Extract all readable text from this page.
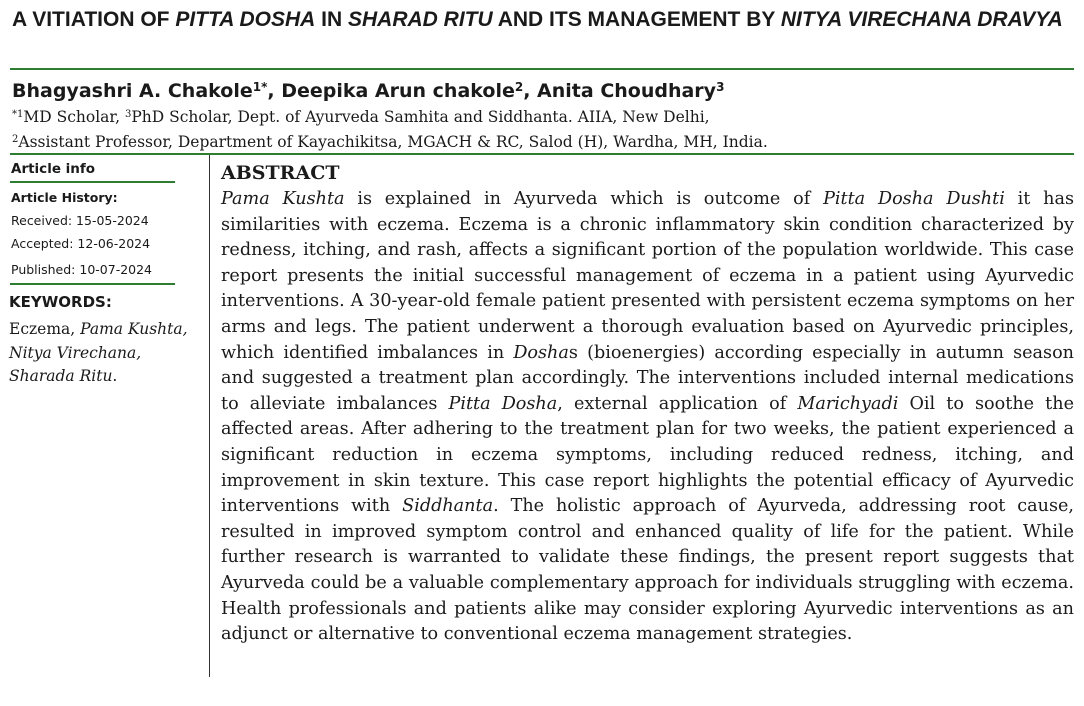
A VITIATION OF PITTA DOSHA IN SHARAD RITU AND ITS MANAGEMENT BY NITYA VIRECHANA DRAVYA
Bhagyashri A. Chakole$^{1*}$, Deepika Arun chakole$^2$, Anita Choudhary$^3$
$^{*1}$MD Scholar, $^3$PhD Scholar, Dept. of Ayurveda Samhita and Siddhanta. AIIA, New Delhi,
$^2$Assistant Professor, Department of Kayachikitsa, MGACH & RC, Salod (H), Wardha, MH, India.
Article info
Article History:
Received: 15-05-2024
Accepted: 12-06-2024
Published: 10-07-2024
KEYWORDS:
Eczema, Pama Kushta, Nitya Virechana, Sharada Ritu.
ABSTRACT
Pama Kushta is explained in Ayurveda which is outcome of Pitta Dosha Dushti it has similarities with eczema. Eczema is a chronic inflammatory skin condition characterized by redness, itching, and rash, affects a significant portion of the population worldwide. This case report presents the initial successful management of eczema in a patient using Ayurvedic interventions. A 30-year-old female patient presented with persistent eczema symptoms on her arms and legs. The patient underwent a thorough evaluation based on Ayurvedic principles, which identified imbalances in Doshas (bioenergies) according especially in autumn season and suggested a treatment plan accordingly. The interventions included internal medications to alleviate imbalances Pitta Dosha, external application of Marichyadi Oil to soothe the affected areas. After adhering to the treatment plan for two weeks, the patient experienced a significant reduction in eczema symptoms, including reduced redness, itching, and improvement in skin texture. This case report highlights the potential efficacy of Ayurvedic interventions with Siddhanta. The holistic approach of Ayurveda, addressing root cause, resulted in improved symptom control and enhanced quality of life for the patient. While further research is warranted to validate these findings, the present report suggests that Ayurveda could be a valuable complementary approach for individuals struggling with eczema. Health professionals and patients alike may consider exploring Ayurvedic interventions as an adjunct or alternative to conventional eczema management strategies.
